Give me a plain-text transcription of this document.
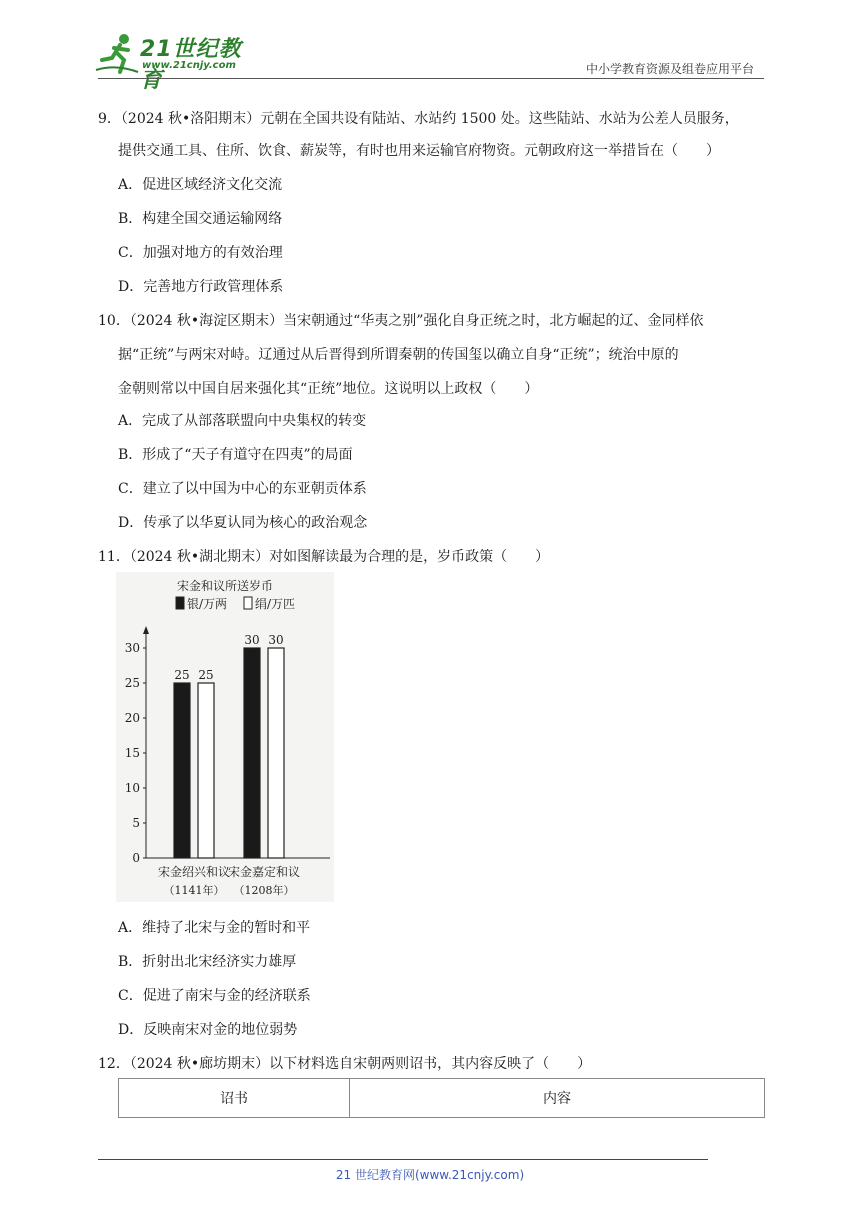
21世纪教育
www.21cnjy.com	中小学教育资源及组卷应用平台
9．（2024 秋•洛阳期末）元朝在全国共设有陆站、水站约 1500 处。这些陆站、水站为公差人员服务，
提供交通工具、住所、饮食、薪炭等，有时也用来运输官府物资。元朝政府这一举措旨在（　　）
A．促进区域经济文化交流
B．构建全国交通运输网络
C．加强对地方的有效治理
D．完善地方行政管理体系
10．（2024 秋•海淀区期末）当宋朝通过“华夷之别”强化自身正统之时，北方崛起的辽、金同样依
据“正统”与两宋对峙。辽通过从后晋得到所谓秦朝的传国玺以确立自身“正统”；统治中原的
金朝则常以中国自居来强化其“正统”地位。这说明以上政权（　　）
A．完成了从部落联盟向中央集权的转变
B．形成了“天子有道守在四夷”的局面
C．建立了以中国为中心的东亚朝贡体系
D．传承了以华夏认同为核心的政治观念
11．（2024 秋•湖北期末）对如图解读最为合理的是，岁币政策（　　）
宋金和议所送岁币
银/万两 绢/万匹
0
5
10
15
20
25
30
25 25
宋金绍兴和议
（1141年）
30 30
宋金嘉定和议
（1208年）
A．维持了北宋与金的暂时和平
B．折射出北宋经济实力雄厚
C．促进了南宋与金的经济联系
D．反映南宋对金的地位弱势
12．（2024 秋•廊坊期末）以下材料选自宋朝两则诏书，其内容反映了（　　）
诏书	内容
21 世纪教育网(www.21cnjy.com)
